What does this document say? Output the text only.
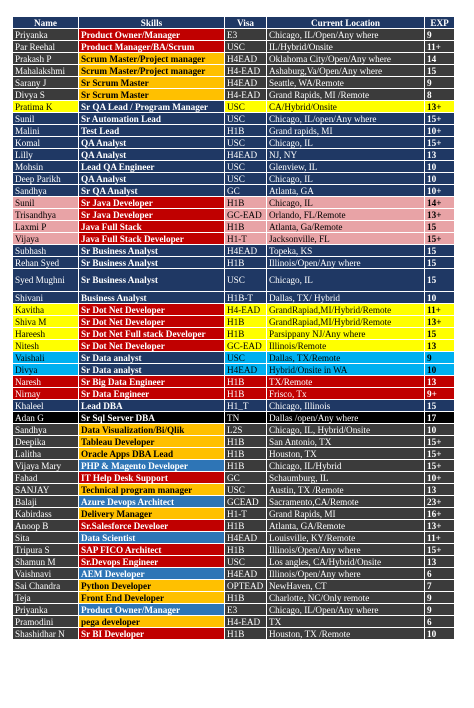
Name	Skills	Visa	Current Location	EXP
Priyanka	Product Owner/Manager	E3	Chicago, IL/Open/Any where	9
Par Reehal	Product Manager/BA/Scrum	USC	IL/Hybrid/Onsite	11+
Prakash P	Scrum Master/Project manager	H4EAD	Oklahoma City/Open/Any where	14
Mahalakshmi	Scrum Master/Project manager	H4-EAD	Ashaburg,Va/Open/Any where	15
Sarany J	Sr Scrum Master	H4EAD	Seattle, WA/Remote	9
Divya S	Sr Scrum Master	H4-EAD	Grand Rapids, MI /Remote	8
Pratima K	Sr QA Lead / Program Manager	USC	CA/Hybrid/Onsite	13+
Sunil	Sr Automation Lead	USC	Chicago, IL/open/Any where	15+
Malini	Test Lead	H1B	Grand rapids, MI	10+
Komal	QA Analyst	USC	Chicago, IL	15+
Lilly	QA Analyst	H4EAD	NJ, NY	13
Mohsin	Lead QA Engineer	USC	Glenview, IL	10
Deep Parikh	QA Analyst	USC	Chicago, IL	10
Sandhya	Sr QA Analyst	GC	Atlanta, GA	10+
Sunil	Sr Java Developer	H1B	Chicago, IL	14+
Trisandhya	Sr Java Developer	GC-EAD	Orlando, FL/Remote	13+
Laxmi P	Java Full Stack	H1B	Atlanta, Ga/Remote	15
Vijaya	Java Full Stack Developer	H1-T	Jacksonville, FL	15+
Subhash	Sr Business Analyst	H4EAD	Topeka, KS	15
Rehan Syed	Sr Business Analyst	H1B	Illinois/Open/Any where	15
Syed Mughni	Sr Business Analyst	USC	Chicago, IL	15
Shivani	Business Analyst	H1B-T	Dallas, TX/ Hybrid	10
Kavitha	Sr Dot Net Developer	H4-EAD	GrandRapiad,MI/Hybrid/Remote	11+
Shiva M	Sr Dot Net Developer	H1B	GrandRapiad,MI/Hybrid/Remote	13+
Hareesh	Sr Dot Net Full stack Developer	H1B	Parsippany NJ/Any where	15
Nitesh	Sr Dot Net Developer	GC-EAD	Illinois/Remote	13
Vaishali	Sr Data analyst	USC	Dallas, TX/Remote	9
Divya	Sr Data analyst	H4EAD	Hybrid/Onsite in WA	10
Naresh	Sr Big Data Engineer	H1B	TX/Remote	13
Nirnay	Sr Data Engineer	H1B	Frisco, Tx	9+
Khaleel	Lead DBA	H1_T	Chicago, Illinois	15
Adan G	Sr Sql Server DBA	TN	Dallas /open/Any where	17
Sandhya	Data Visualization/Bi/Qlik	L2S	Chicago, IL, Hybrid/Onsite	10
Deepika	Tableau Developer	H1B	San Antonio, TX	15+
Lalitha	Oracle Apps DBA Lead	H1B	Houston, TX	15+
Vijaya Mary	PHP & Magento Developer	H1B	Chicago, IL/Hybrid	15+
Fahad	IT Help Desk Support	GC	Schaumburg, IL	10+
SANJAY	Technical program manager	USC	Austin, TX /Remote	13
Balaji	Azure Devops Architect	GCEAD	Sacramento,CA/Remote	23+
Kabirdass	Delivery Manager	H1-T	Grand Rapids, MI	16+
Anoop B	Sr.Salesforce Develoer	H1B	Atlanta, GA/Remote	13+
Sita	Data Scientist	H4EAD	Louisville, KY/Remote	11+
Tripura S	SAP FICO Architect	H1B	Illinois/Open/Any where	15+
Shamun M	Sr.Devops Engineer	USC	Los angles, CA/Hybrid/Onsite	13
Vaishnavi	AEM Developer	H4EAD	Illinois/Open/Any where	6
Sai Chandra	Python Developer	OPTEAD	NewHaven, CT	7
Teja	Front End Developer	H1B	Charlotte, NC/Only remote	9
Priyanka	Product Owner/Manager	E3	Chicago, IL/Open/Any where	9
Pramodini	pega developer	H4-EAD	TX	6
Shashidhar N	Sr BI Developer	H1B	Houston, TX /Remote	10
